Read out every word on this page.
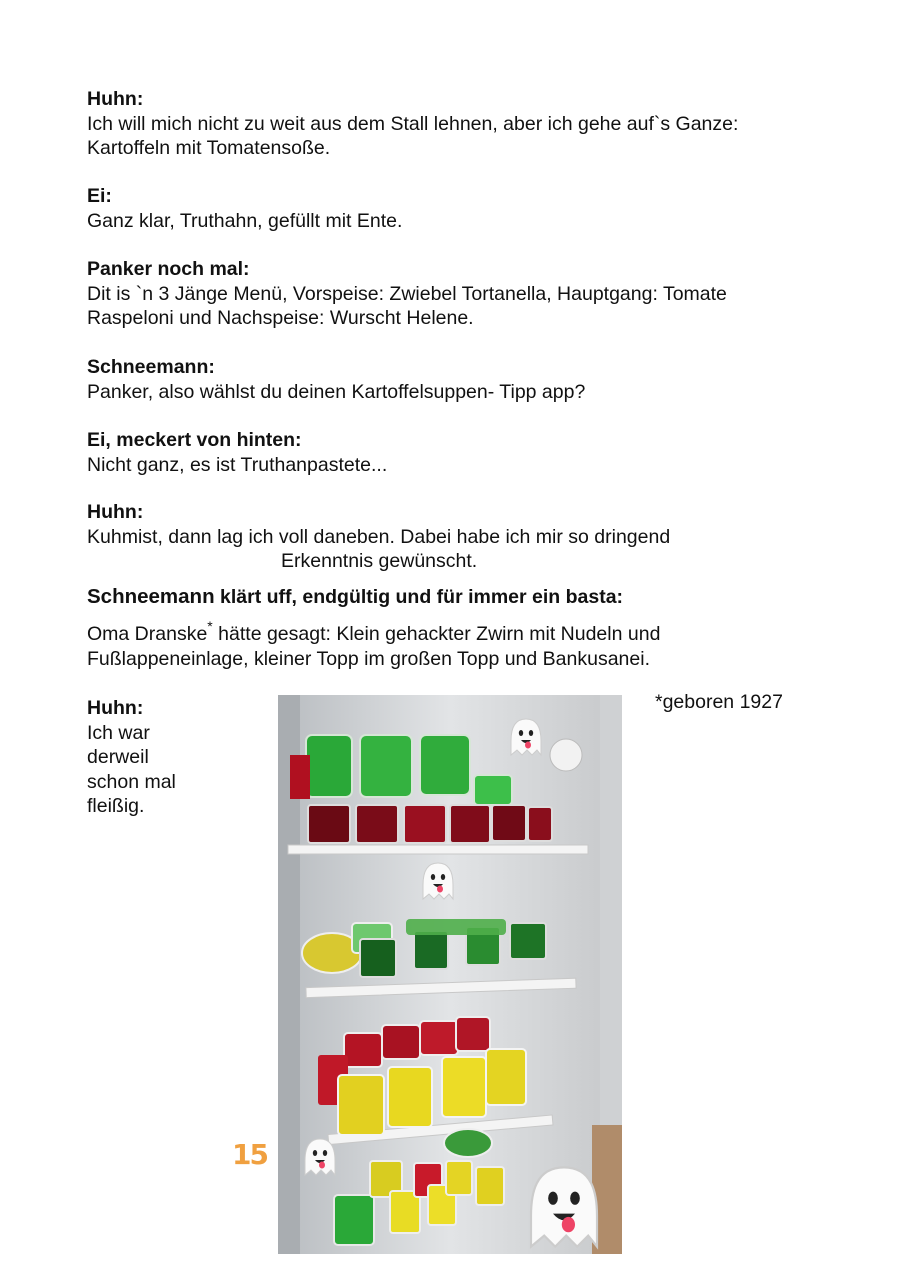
Huhn:
Ich will mich nicht zu weit aus dem Stall lehnen, aber ich gehe auf`s Ganze:
Kartoffeln mit Tomatensoße.
Ei:
Ganz klar, Truthahn, gefüllt mit Ente.
Panker noch mal:
Dit is `n 3 Jänge Menü, Vorspeise: Zwiebel Tortanella, Hauptgang: Tomate
Raspeloni und Nachspeise: Wurscht Helene.
Schneemann:
Panker, also wählst du deinen Kartoffelsuppen- Tipp app?
Ei, meckert von hinten:
Nicht ganz, es ist Truthanpastete...
Huhn:
Kuhmist, dann lag ich voll daneben. Dabei habe ich mir so dringend
Erkenntnis gewünscht.
Schneemann klärt uff, endgültig und für immer ein basta:
Oma Dranske* hätte gesagt: Klein gehackter Zwirn mit Nudeln und
Fußlappeneinlage, kleiner Topp im großen Topp und Bankusanei.
Huhn:
Ich war
derweil
schon mal
fleißig.
*geboren 1927
15
